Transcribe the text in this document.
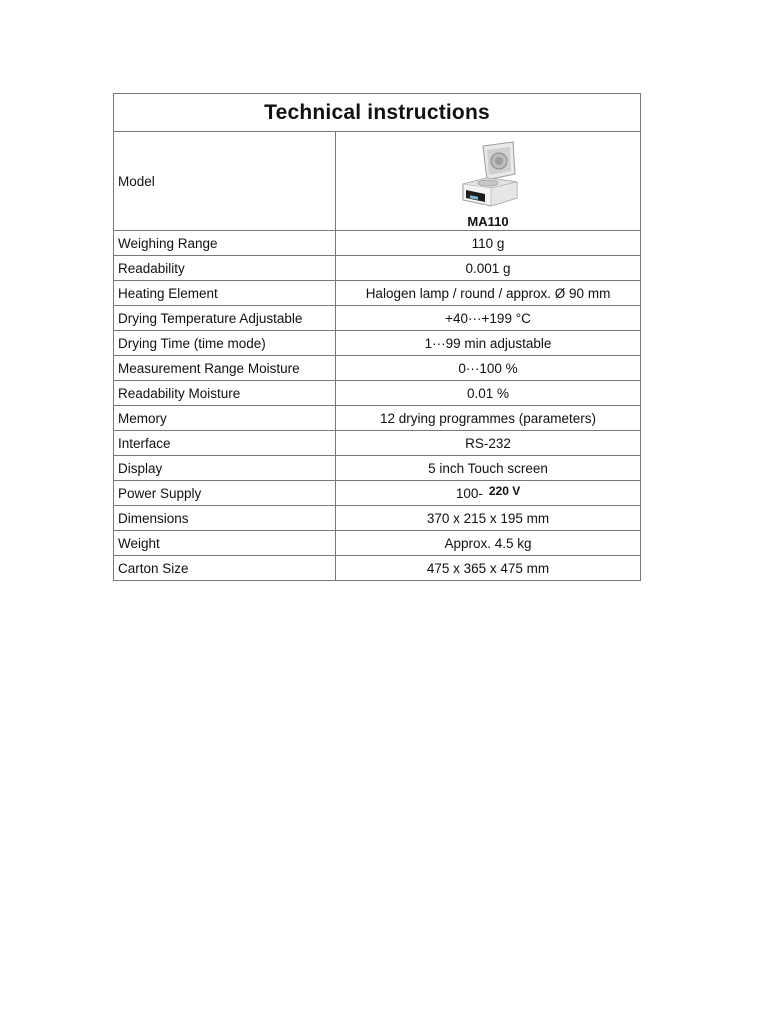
Technical instructions	
Model	MA110

Weighing Range	110 g
Readability	0.001 g
Heating Element	Halogen lamp / round / approx. Ø 90 mm
Drying Temperature Adjustable	+40···+199 °C
Drying Time (time mode)	1···99 min adjustable
Measurement Range Moisture	0···100 %
Readability Moisture	0.01 %
Memory	12 drying programmes (parameters)
Interface	RS-232
Display	5 inch Touch screen
Power Supply	100- 220 V
Dimensions	370 x 215 x 195 mm
Weight	Approx. 4.5 kg
Carton Size	475 x 365 x 475 mm
